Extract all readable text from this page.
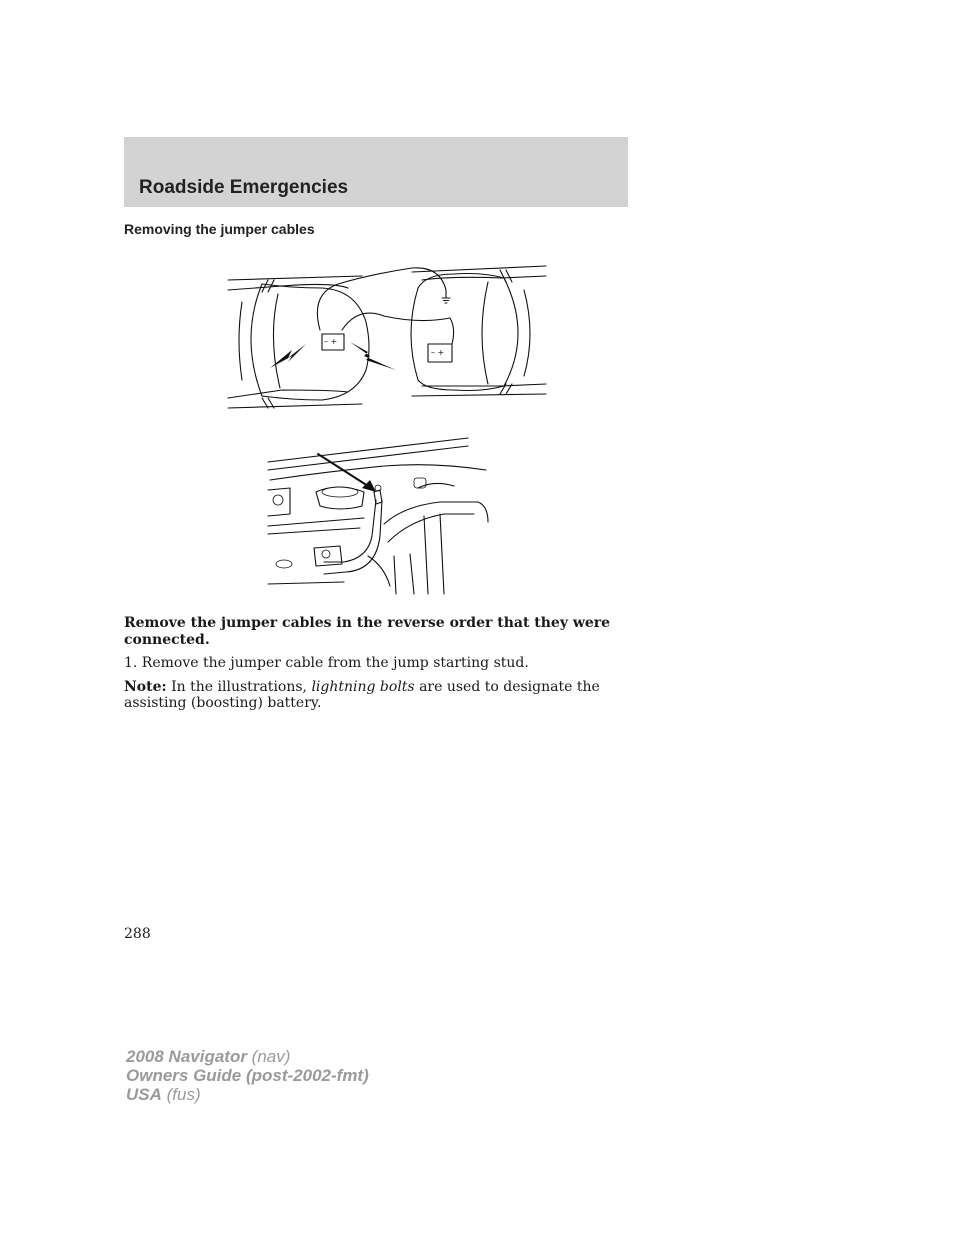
Roadside Emergencies
Removing the jumper cables
– +
– +

Remove the jumper cables in the reverse order that they were connected.

1. Remove the jumper cable from the jump starting stud.

Note: In the illustrations, lightning bolts are used to designate the assisting (boosting) battery.

288

2008 Navigator (nav)
Owners Guide (post-2002-fmt)
USA (fus)
